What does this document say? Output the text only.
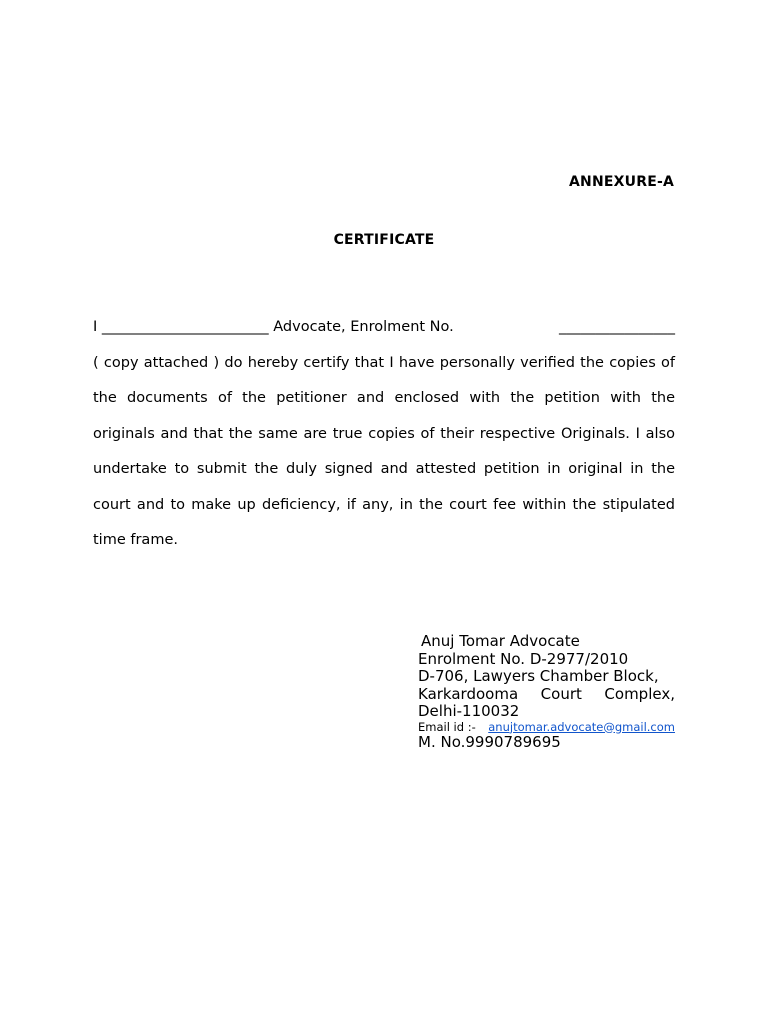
ANNEXURE-A
CERTIFICATE
I _______________________ Advocate, Enrolment No.	________________

( copy attached ) do hereby certify that I have personally verified the copies of the documents of the petitioner and enclosed with the petition with the originals and that the same are true copies of their respective Originals. I also undertake to submit the duly signed and attested petition in original in the court and to make up deficiency, if any, in the court fee within the stipulated time frame.

Anuj Tomar Advocate
Enrolment No. D-2977/2010
D-706, Lawyers Chamber Block,
Karkardooma Court Complex,
Delhi-110032
Email id :- anujtomar.advocate@gmail.com
M. No.9990789695
